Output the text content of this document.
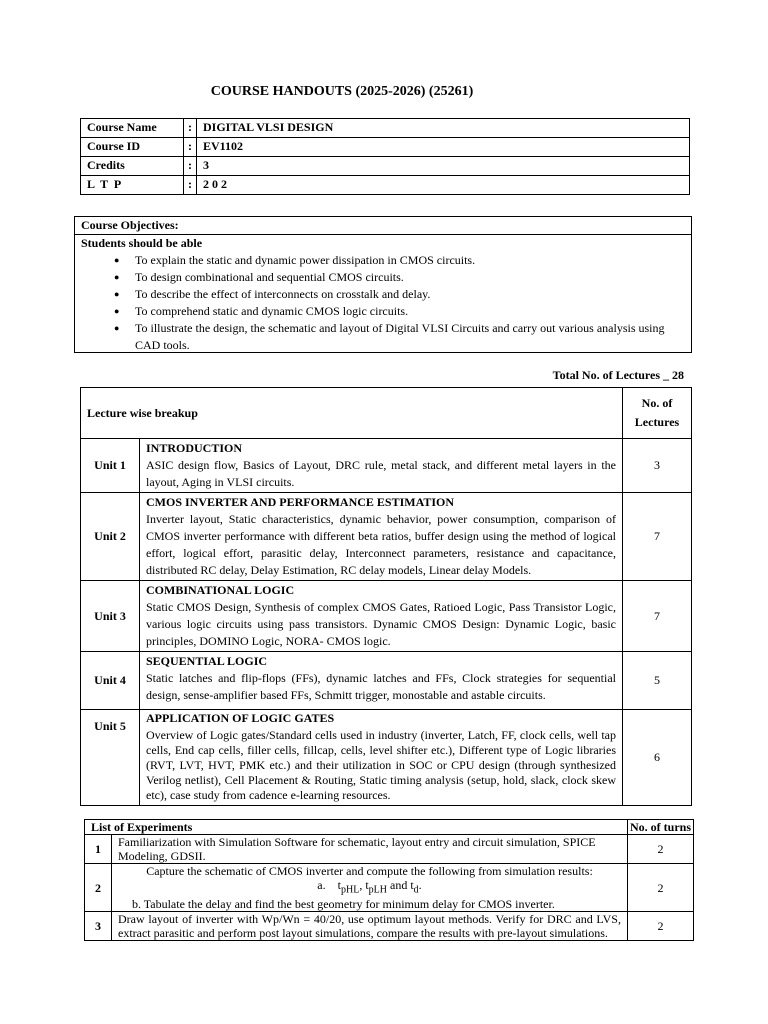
COURSE HANDOUTS (2025-2026) (25261)
Course Name	:	DIGITAL VLSI DESIGN
Course ID	:	EV1102
Credits	:	3
L  T  P	:	2 0 2
Course Objectives:
Students should be able
● To explain the static and dynamic power dissipation in CMOS circuits.
● To design combinational and sequential CMOS circuits.
● To describe the effect of interconnects on crosstalk and delay.
● To comprehend static and dynamic CMOS logic circuits.
● To illustrate the design, the schematic and layout of Digital VLSI Circuits and carry out various analysis using CAD tools.
Total No. of Lectures _ 28
Lecture wise breakup		No. of
Lectures
Unit 1	INTRODUCTION
ASIC design flow, Basics of Layout, DRC rule, metal stack, and different metal layers in the layout, Aging in VLSI circuits.	3
Unit 2	CMOS INVERTER AND PERFORMANCE ESTIMATION
Inverter layout, Static characteristics, dynamic behavior, power consumption, comparison of CMOS inverter performance with different beta ratios, buffer design using the method of logical effort, logical effort, parasitic delay, Interconnect parameters, resistance and capacitance, distributed RC delay, Delay Estimation, RC delay models, Linear delay Models.	7
Unit 3	COMBINATIONAL LOGIC
Static CMOS Design, Synthesis of complex CMOS Gates, Ratioed Logic, Pass Transistor Logic, various logic circuits using pass transistors. Dynamic CMOS Design: Dynamic Logic, basic principles, DOMINO Logic, NORA- CMOS logic.	7
Unit 4	SEQUENTIAL LOGIC
Static latches and flip-flops (FFs), dynamic latches and FFs, Clock strategies for sequential design, sense-amplifier based FFs, Schmitt trigger, monostable and astable circuits.	5
Unit 5	APPLICATION OF LOGIC GATES
Overview of Logic gates/Standard cells used in industry (inverter, Latch, FF, clock cells, well tap cells, End cap cells, filler cells, fillcap, cells, level shifter etc.), Different type of Logic libraries (RVT, LVT, HVT, PMK etc.) and their utilization in SOC or CPU design (through synthesized Verilog netlist), Cell Placement & Routing, Static timing analysis (setup, hold, slack, clock skew etc), case study from cadence e-learning resources.	6
List of Experiments		No. of turns
1	Familiarization with Simulation Software for schematic, layout entry and circuit simulation, SPICE Modeling, GDSII.	2
2	Capture the schematic of CMOS inverter and compute the following from simulation results:
a. $t_{pHL}$, $t_{pLH}$ and $t_d$.
b. Tabulate the delay and find the best geometry for minimum delay for CMOS inverter.	2
3	Draw layout of inverter with Wp/Wn = 40/20, use optimum layout methods. Verify for DRC and LVS, extract parasitic and perform post layout simulations, compare the results with pre-layout simulations.	2
